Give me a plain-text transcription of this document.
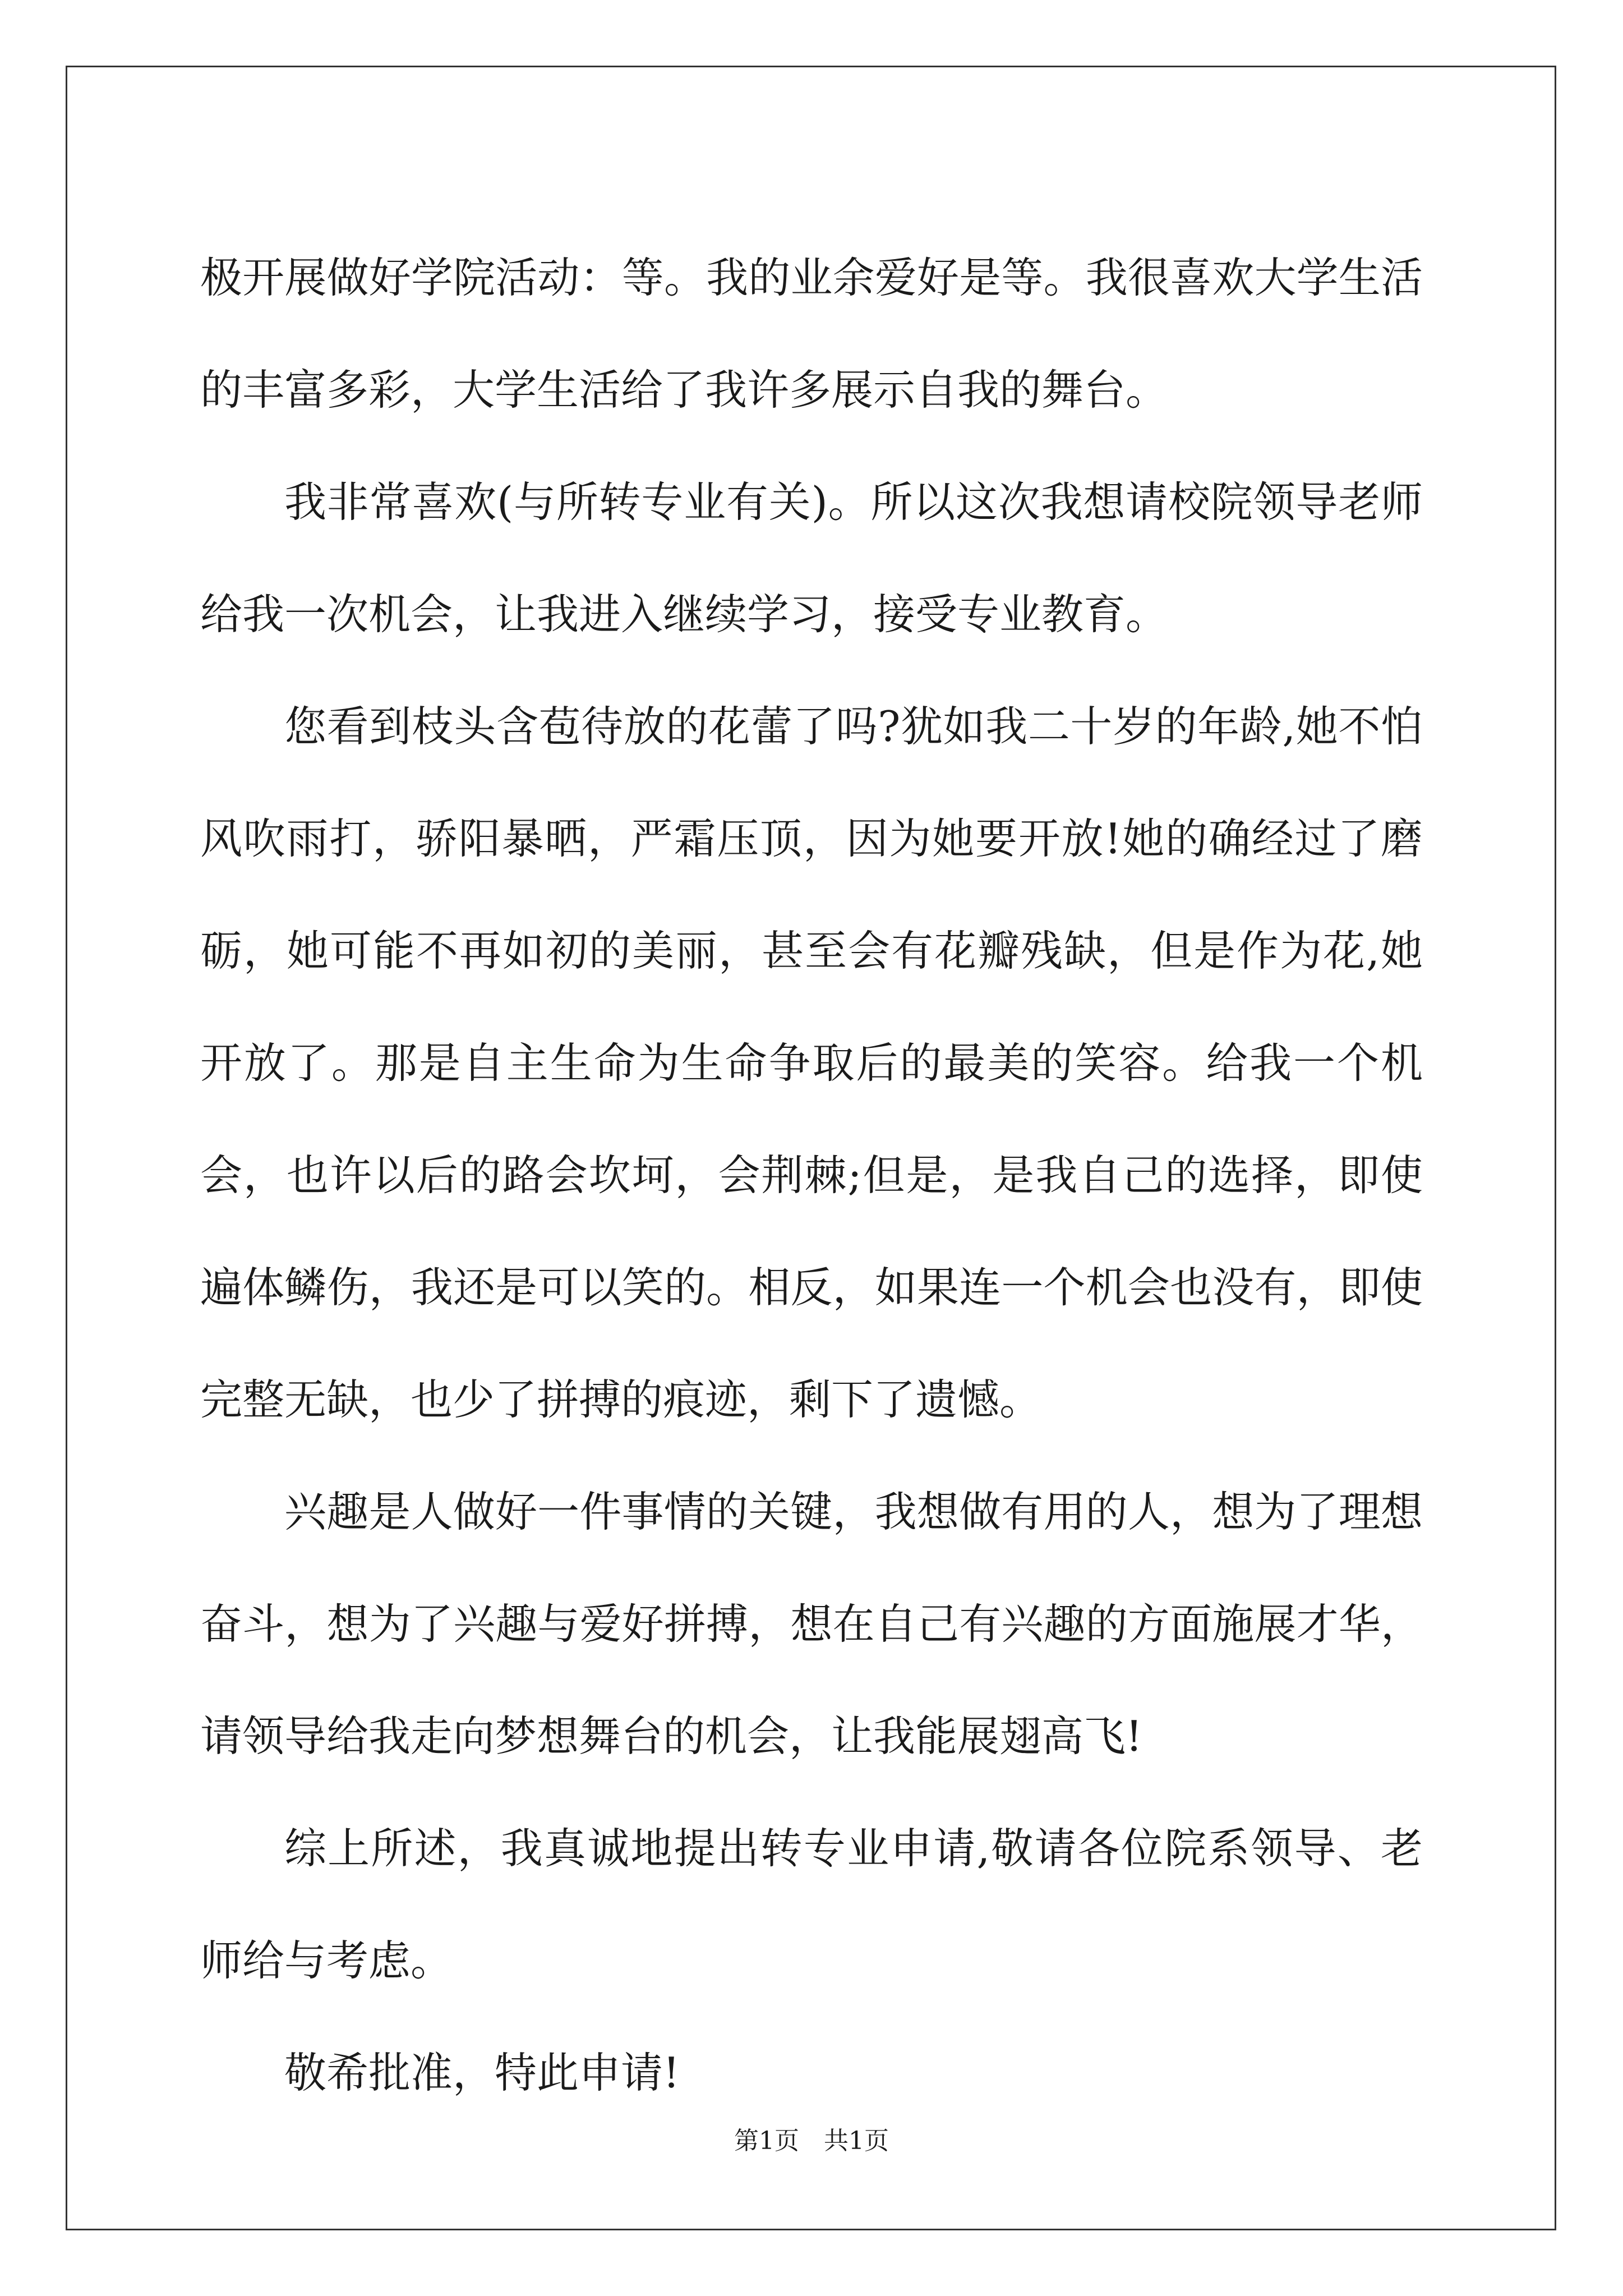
极开展做好学院活动：等。我的业余爱好是等。我很喜欢大学生活的丰富多彩，大学生活给了我许多展示自我的舞台。

我非常喜欢(与所转专业有关)。所以这次我想请校院领导老师给我一次机会，让我进入继续学习，接受专业教育。

您看到枝头含苞待放的花蕾了吗?犹如我二十岁的年龄,她不怕风吹雨打，骄阳暴晒，严霜压顶，因为她要开放!她的确经过了磨砺，她可能不再如初的美丽，甚至会有花瓣残缺，但是作为花,她开放了。那是自主生命为生命争取后的最美的笑容。给我一个机会，也许以后的路会坎坷，会荆棘;但是，是我自己的选择，即使遍体鳞伤，我还是可以笑的。相反，如果连一个机会也没有，即使完整无缺，也少了拼搏的痕迹，剩下了遗憾。

兴趣是人做好一件事情的关键，我想做有用的人，想为了理想奋斗，想为了兴趣与爱好拼搏，想在自己有兴趣的方面施展才华，请领导给我走向梦想舞台的机会，让我能展翅高飞!

综上所述，我真诚地提出转专业申请,敬请各位院系领导、老师给与考虑。

敬希批准，特此申请!

第1页　共1页
